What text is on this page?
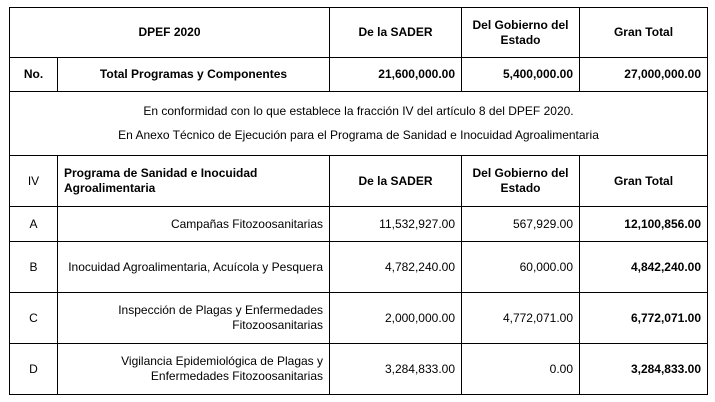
DPEF 2020		De la SADER	Del Gobierno del Estado	Gran Total
No.	Total Programas y Componentes	21,600,000.00	5,400,000.00	27,000,000.00

En conformidad con lo que establece la fracción IV del artículo 8 del DPEF 2020.
En Anexo Técnico de Ejecución para el Programa de Sanidad e Inocuidad Agroalimentaria				

IV	Programa de Sanidad e Inocuidad Agroalimentaria	De la SADER	Del Gobierno del Estado	Gran Total
A	Campañas Fitozoosanitarias	11,532,927.00	567,929.00	12,100,856.00
B	Inocuidad Agroalimentaria, Acuícola y Pesquera	4,782,240.00	60,000.00	4,842,240.00
C	Inspección de Plagas y Enfermedades Fitozoosanitarias	2,000,000.00	4,772,071.00	6,772,071.00
D	Vigilancia Epidemiológica de Plagas y Enfermedades Fitozoosanitarias	3,284,833.00	0.00	3,284,833.00
